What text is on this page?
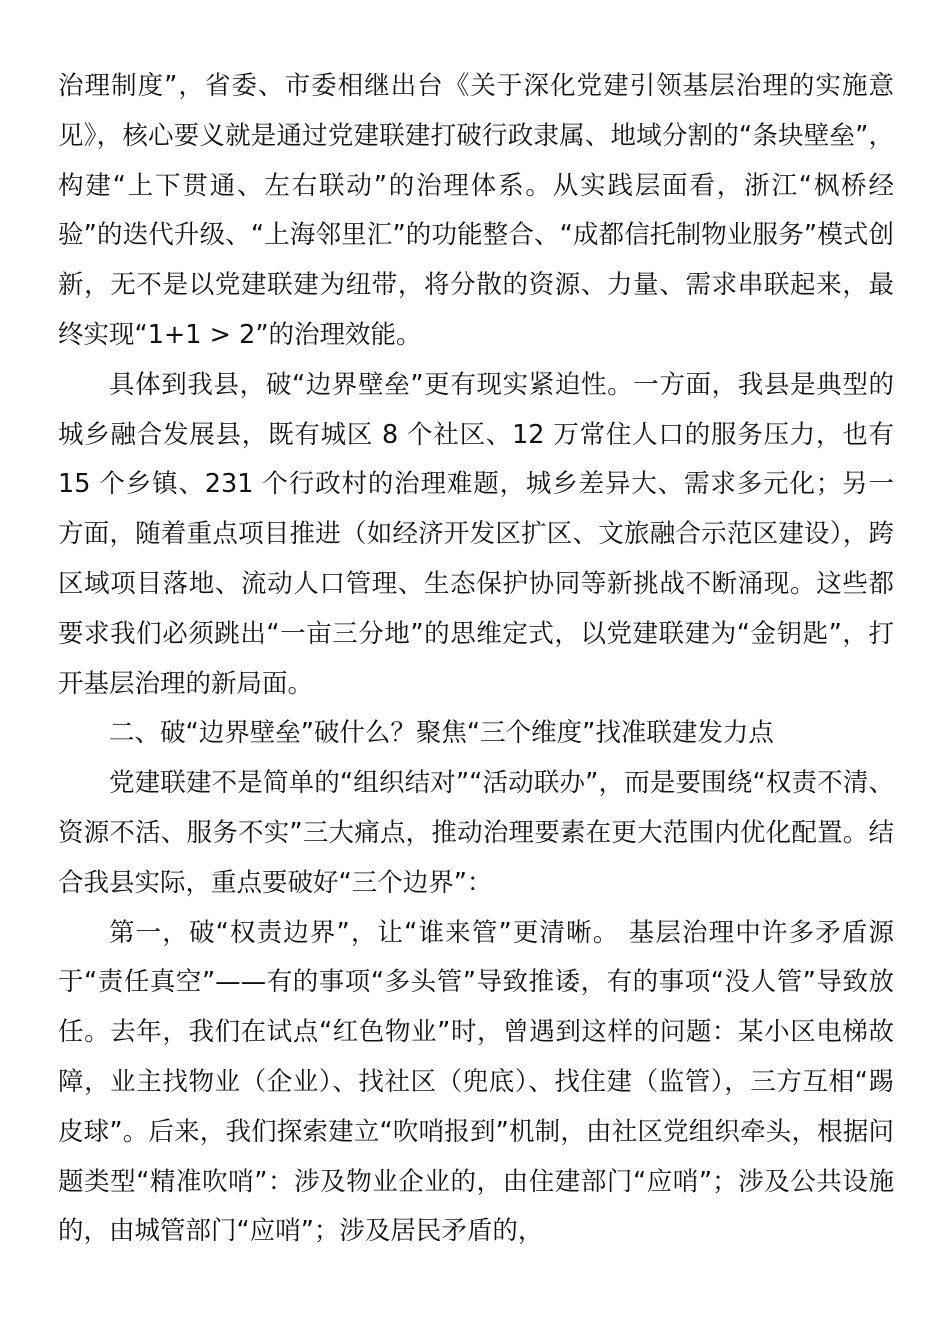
治理制度”，省委、市委相继出台《关于深化党建引领基层治理的实施意见》，核心要义就是通过党建联建打破行政隶属、地域分割的“条块壁垒”，构建“上下贯通、左右联动”的治理体系。从实践层面看，浙江“枫桥经验”的迭代升级、“上海邻里汇”的功能整合、“成都信托制物业服务”模式创新，无不是以党建联建为纽带，将分散的资源、力量、需求串联起来，最终实现“1+1 > 2”的治理效能。

具体到我县，破“边界壁垒”更有现实紧迫性。一方面，我县是典型的城乡融合发展县，既有城区 8 个社区、12 万常住人口的服务压力，也有 15 个乡镇、231 个行政村的治理难题，城乡差异大、需求多元化；另一方面，随着重点项目推进（如经济开发区扩区、文旅融合示范区建设），跨区域项目落地、流动人口管理、生态保护协同等新挑战不断涌现。这些都要求我们必须跳出“一亩三分地”的思维定式，以党建联建为“金钥匙”，打开基层治理的新局面。

二、破“边界壁垒”破什么？聚焦“三个维度”找准联建发力点

党建联建不是简单的“组织结对”“活动联办”，而是要围绕“权责不清、资源不活、服务不实”三大痛点，推动治理要素在更大范围内优化配置。结合我县实际，重点要破好“三个边界”：

第一，破“权责边界”，让“谁来管”更清晰。 基层治理中许多矛盾源于“责任真空”——有的事项“多头管”导致推诿，有的事项“没人管”导致放任。去年，我们在试点“红色物业”时，曾遇到这样的问题：某小区电梯故障，业主找物业（企业）、找社区（兜底）、找住建（监管），三方互相“踢皮球”。后来，我们探索建立“吹哨报到”机制，由社区党组织牵头，根据问题类型“精准吹哨”：涉及物业企业的，由住建部门“应哨”；涉及公共设施的，由城管部门“应哨”；涉及居民矛盾的，
